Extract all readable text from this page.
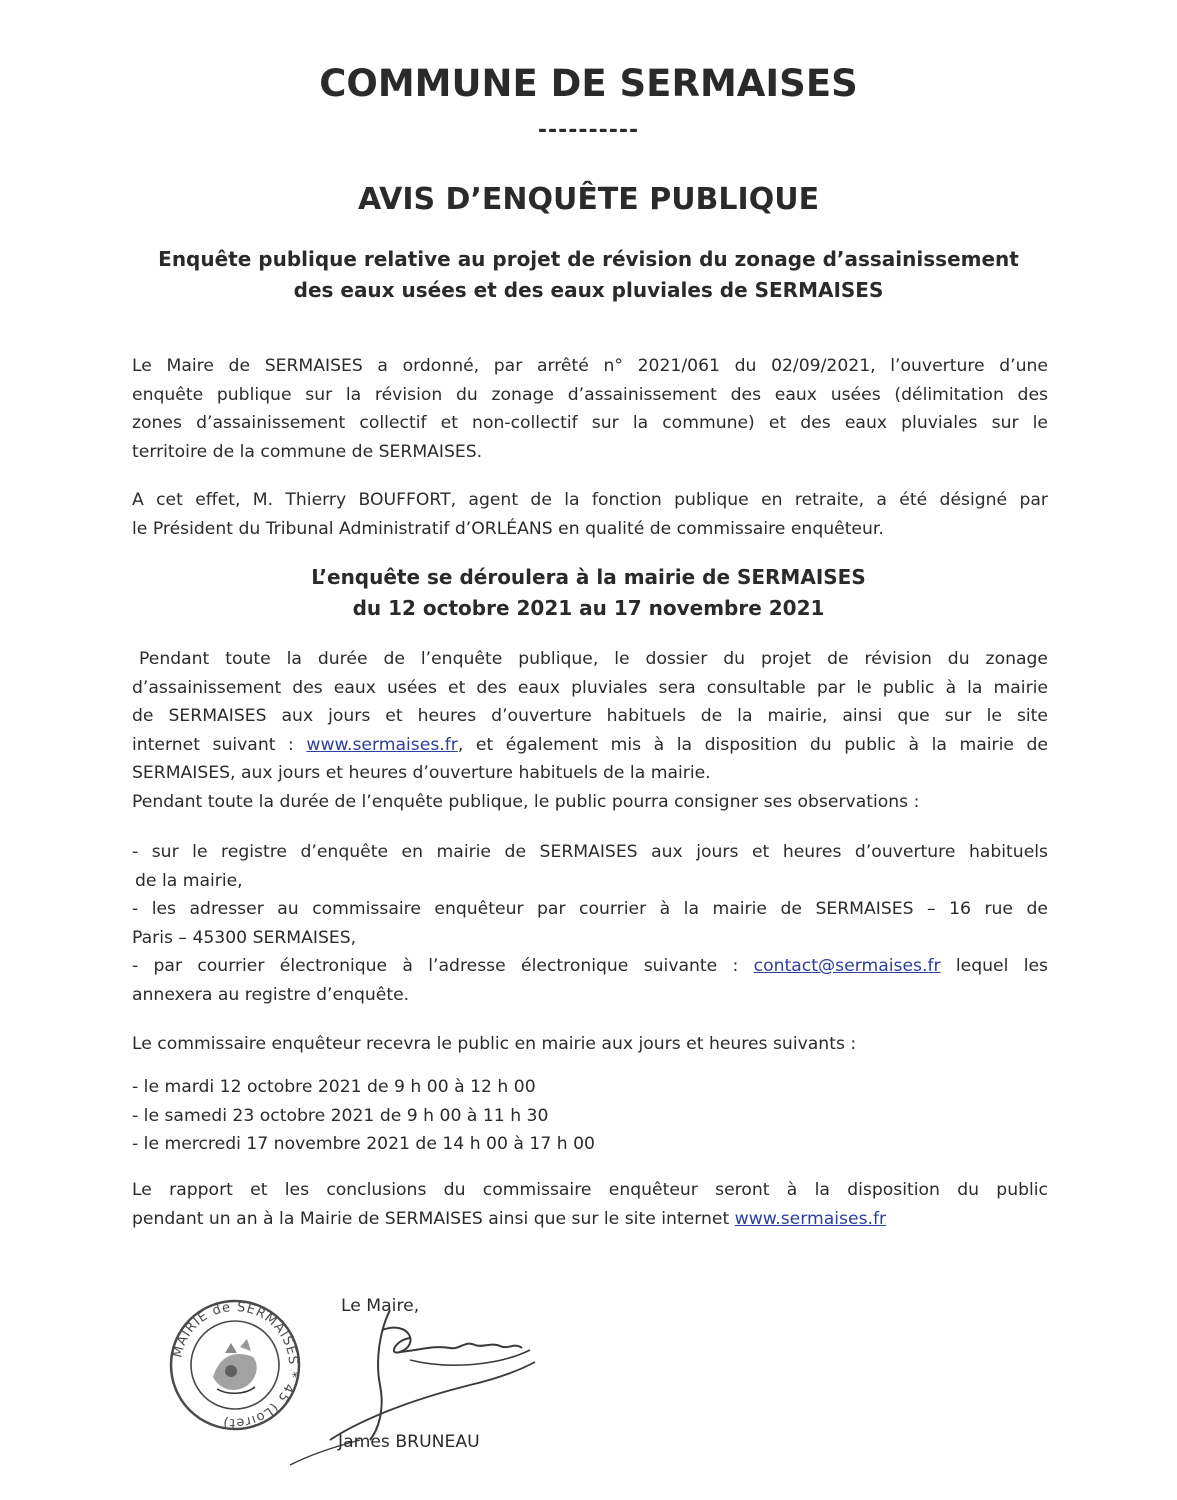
COMMUNE DE SERMAISES
----------
AVIS D’ENQUÊTE PUBLIQUE
Enquête publique relative au projet de révision du zonage d’assainissement
des eaux usées et des eaux pluviales de SERMAISES
Le Maire de SERMAISES a ordonné, par arrêté n° 2021/061 du 02/09/2021, l’ouverture d’une
enquête publique sur la révision du zonage d’assainissement des eaux usées (délimitation des
zones d’assainissement collectif et non-collectif sur la commune) et des eaux pluviales sur le
territoire de la commune de SERMAISES.
A cet effet, M. Thierry BOUFFORT, agent de la fonction publique en retraite, a été désigné par
le Président du Tribunal Administratif d’ORLÉANS en qualité de commissaire enquêteur.
L’enquête se déroulera à la mairie de SERMAISES
du 12 octobre 2021 au 17 novembre 2021
Pendant toute la durée de l’enquête publique, le dossier du projet de révision du zonage
d’assainissement des eaux usées et des eaux pluviales sera consultable par le public à la mairie
de SERMAISES aux jours et heures d’ouverture habituels de la mairie, ainsi que sur le site
internet suivant : www.sermaises.fr, et également mis à la disposition du public à la mairie de
SERMAISES, aux jours et heures d’ouverture habituels de la mairie.
Pendant toute la durée de l’enquête publique, le public pourra consigner ses observations :
- sur le registre d’enquête en mairie de SERMAISES aux jours et heures d’ouverture habituels
de la mairie,
- les adresser au commissaire enquêteur par courrier à la mairie de SERMAISES – 16 rue de
Paris – 45300 SERMAISES,
- par courrier électronique à l’adresse électronique suivante : contact@sermaises.fr lequel les
annexera au registre d’enquête.
Le commissaire enquêteur recevra le public en mairie aux jours et heures suivants :
- le mardi 12 octobre 2021 de 9 h 00 à 12 h 00
- le samedi 23 octobre 2021 de 9 h 00 à 11 h 30
- le mercredi 17 novembre 2021 de 14 h 00 à 17 h 00
Le rapport et les conclusions du commissaire enquêteur seront à la disposition du public
pendant un an à la Mairie de SERMAISES ainsi que sur le site internet www.sermaises.fr
Le Maire,
MAIRIE de SERMAISES * 45 (Loiret)
James BRUNEAU
